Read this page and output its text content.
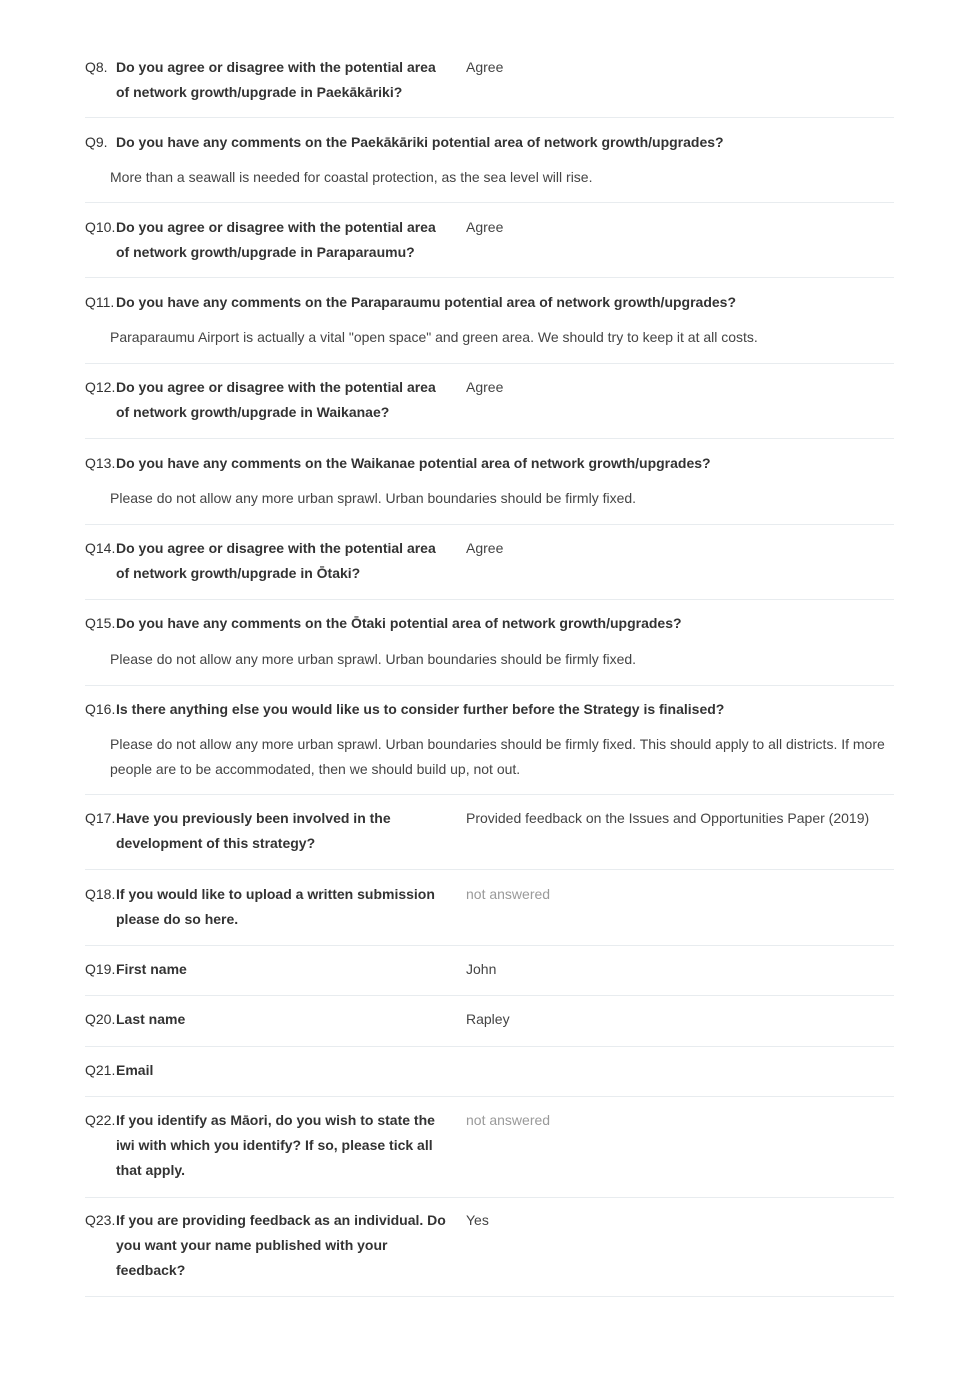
Q8. Do you agree or disagree with the potential area of network growth/upgrade in Paekākāriki?
Agree
Q9. Do you have any comments on the Paekākāriki potential area of network growth/upgrades?
More than a seawall is needed for coastal protection, as the sea level will rise.
Q10. Do you agree or disagree with the potential area of network growth/upgrade in Paraparaumu?
Agree
Q11. Do you have any comments on the Paraparaumu potential area of network growth/upgrades?
Paraparaumu Airport is actually a vital "open space" and green area. We should try to keep it at all costs.
Q12. Do you agree or disagree with the potential area of network growth/upgrade in Waikanae?
Agree
Q13. Do you have any comments on the Waikanae potential area of network growth/upgrades?
Please do not allow any more urban sprawl. Urban boundaries should be firmly fixed.
Q14. Do you agree or disagree with the potential area of network growth/upgrade in Ōtaki?
Agree
Q15. Do you have any comments on the Ōtaki potential area of network growth/upgrades?
Please do not allow any more urban sprawl. Urban boundaries should be firmly fixed.
Q16. Is there anything else you would like us to consider further before the Strategy is finalised?
Please do not allow any more urban sprawl. Urban boundaries should be firmly fixed. This should apply to all districts. If more people are to be accommodated, then we should build up, not out.
Q17. Have you previously been involved in the development of this strategy?
Provided feedback on the Issues and Opportunities Paper (2019)
Q18. If you would like to upload a written submission please do so here.
not answered
Q19. First name	John
Q20. Last name	Rapley
Q21. Email
Q22. If you identify as Māori, do you wish to state the iwi with which you identify? If so, please tick all that apply.
not answered
Q23. If you are providing feedback as an individual. Do you want your name published with your feedback?
Yes
